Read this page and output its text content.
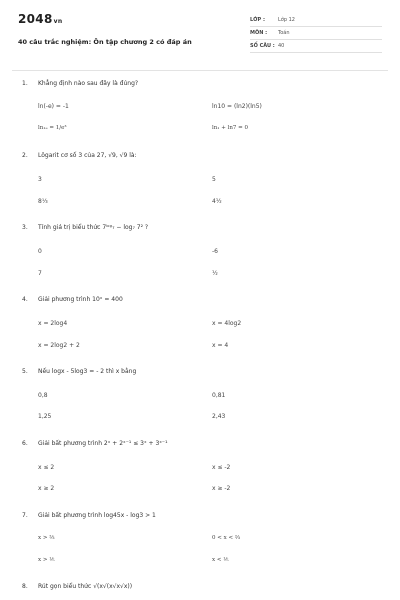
2048vn
40 câu trắc nghiệm: Ôn tập chương 2 có đáp án
LỚP :	Lớp 12
MÔN :	Toán
SỐ CÂU : 40
1.	Khẳng định nào sau đây là đúng?
ln(-e) = -1	ln10 = (ln2)(ln5)
ln₁ₑ = 1/e³	ln₁ + ln7 = 0
2.	Lôgarit cơ số 3 của 27, √9, √9 là:
3	5
8⅓	4½
3.	Tính giá trị biểu thức 7ˡᵒᵍ₇ − log₇ 7² ?
0	-6
7	½
4.	Giải phương trình 10ˣ = 400
x = 2log4	x = 4log2
x = 2log2 + 2	x = 4
5.	Nếu logx - 5log3 = - 2 thì x bằng
0,8	0,81
1,25	2,43
6.	Giải bất phương trình 2ˣ + 2ˣ⁻¹ ≤ 3ˣ + 3ˣ⁻¹
x ≤ 2	x ≤ -2
x ≥ 2	x ≥ -2
7.	Giải bất phương trình log45x - log3 > 1
x > ⅔	0 < x < ⅔
x > ⅕	x < ⅕
8.	Rút gọn biểu thức √(x√(x√x√x))
